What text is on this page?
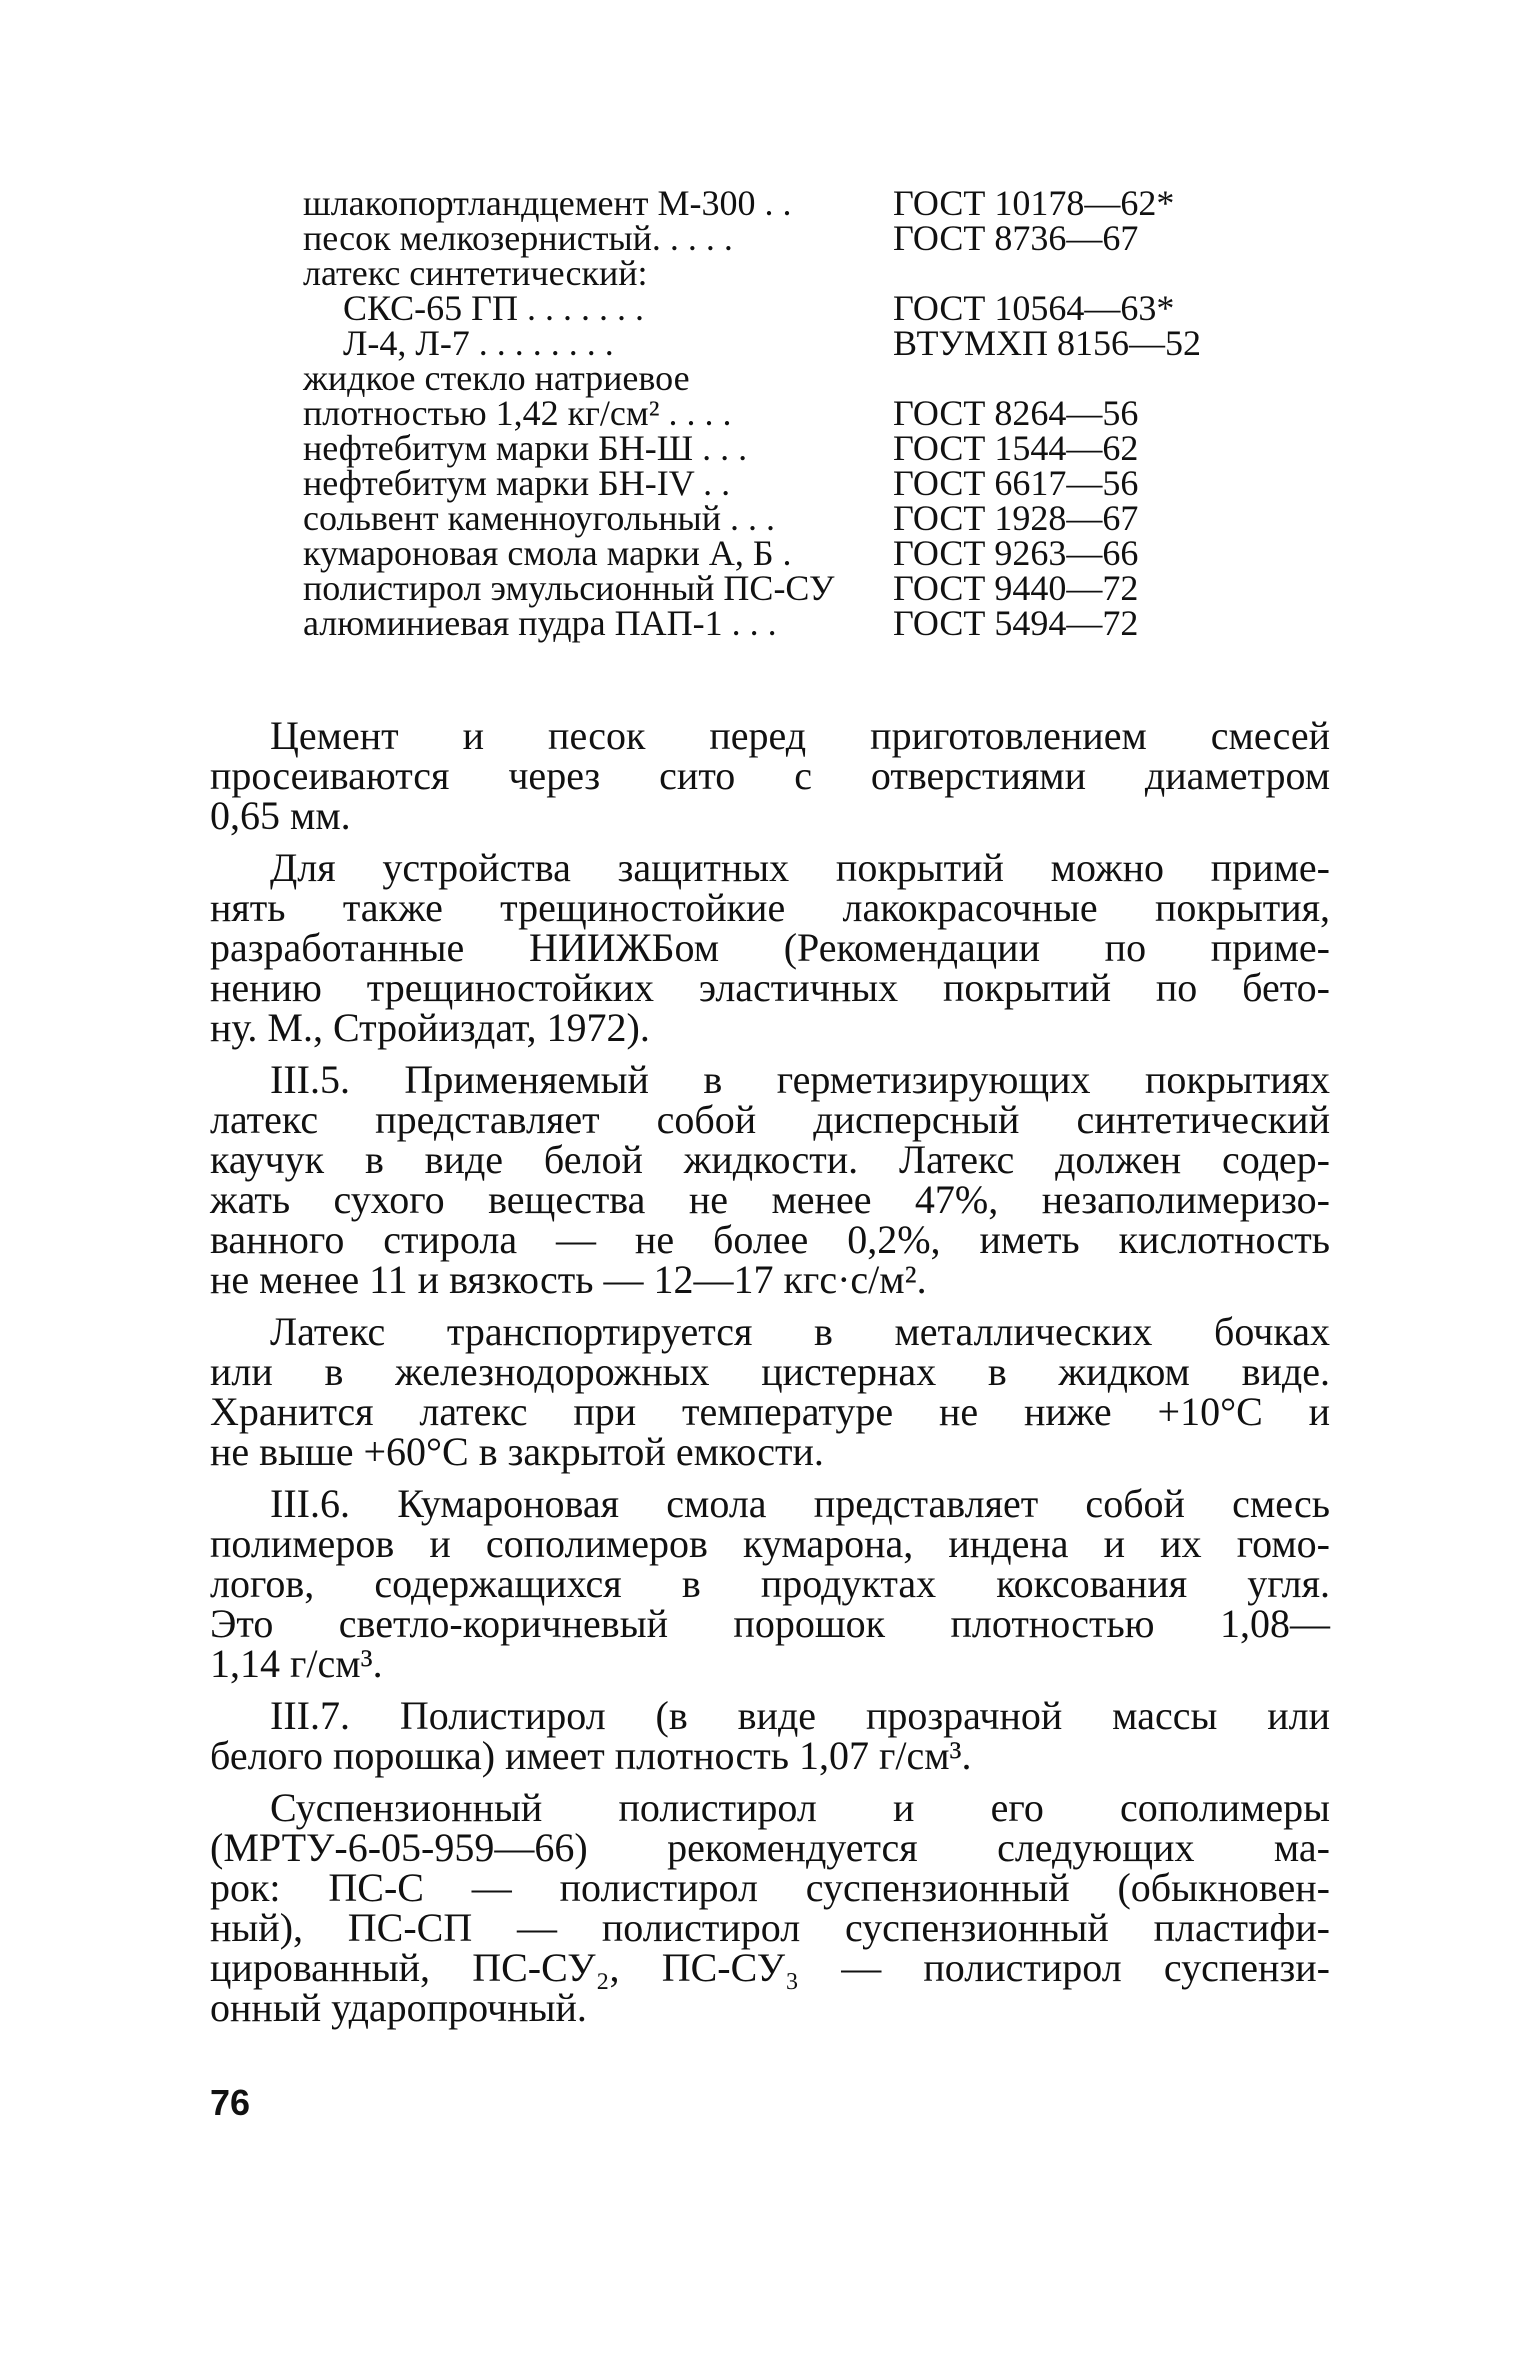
шлакопортландцемент М-300 . .	ГОСТ 10178—62*
песок мелкозернистый. . . . .	ГОСТ 8736—67
латекс синтетический:
СКС-65 ГП . . . . . . .	ГОСТ 10564—63*
Л-4, Л-7 . . . . . . . .	ВТУМХП 8156—52
жидкое стекло натриевое
плотностью 1,42 кг/см² . . . .	ГОСТ 8264—56
нефтебитум марки БН-Ш . . .	ГОСТ 1544—62
нефтебитум марки БН-IV . .	ГОСТ 6617—56
сольвент каменноугольный . . .	ГОСТ 1928—67
кумароновая смола марки А, Б .	ГОСТ 9263—66
полистирол эмульсионный ПС-СУ ГОСТ 9440—72
алюминиевая пудра ПАП-1 . . .	ГОСТ 5494—72
Цемент и песок перед приготовлением смесей
просеиваются через сито с отверстиями диаметром
0,65 мм.
Для устройства защитных покрытий можно приме-
нять также трещиностойкие лакокрасочные покрытия,
разработанные НИИЖБом (Рекомендации по приме-
нению трещиностойких эластичных покрытий по бето-
ну. М., Стройиздат, 1972).
III.5. Применяемый в герметизирующих покрытиях
латекс представляет собой дисперсный синтетический
каучук в виде белой жидкости. Латекс должен содер-
жать сухого вещества не менее 47%, незаполимеризо-
ванного стирола — не более 0,2%, иметь кислотность
не менее 11 и вязкость — 12—17 кгс·с/м².
Латекс транспортируется в металлических бочках
или в железнодорожных цистернах в жидком виде.
Хранится латекс при температуре не ниже +10°С и
не выше +60°С в закрытой емкости.
III.6. Кумароновая смола представляет собой смесь
полимеров и сополимеров кумарона, индена и их гомо-
логов, содержащихся в продуктах коксования угля.
Это светло-коричневый порошок плотностью 1,08—
1,14 г/см³.
III.7. Полистирол (в виде прозрачной массы или
белого порошка) имеет плотность 1,07 г/см³.
Суспензионный полистирол и его сополимеры
(МРТУ-6-05-959—66) рекомендуется следующих ма-
рок: ПС-С — полистирол суспензионный (обыкновен-
ный), ПС-СП — полистирол суспензионный пластифи-
цированный, ПС-СУ₂, ПС-СУ₃ — полистирол суспензи-
онный ударопрочный.
76
